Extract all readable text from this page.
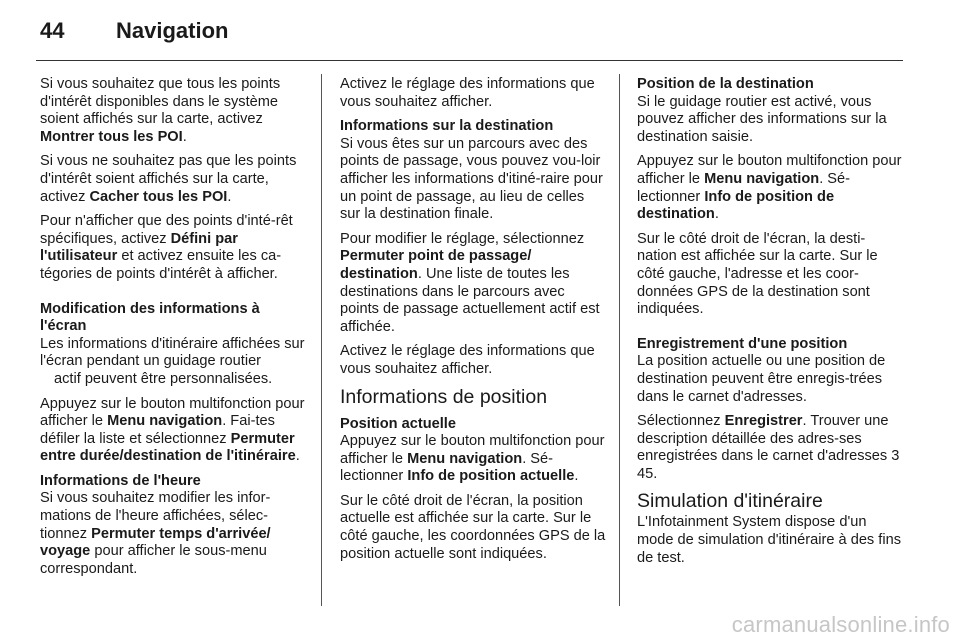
44 Navigation

Si vous souhaitez que tous les points d'intérêt disponibles dans le système soient affichés sur la carte, activez Montrer tous les POI.

Si vous ne souhaitez pas que les points d'intérêt soient affichés sur la carte, activez Cacher tous les POI.

Pour n'afficher que des points d'inté-rêt spécifiques, activez Défini par l'utilisateur et activez ensuite les ca-tégories de points d'intérêt à afficher.

Modification des informations à l'écran

Les informations d'itinéraire affichées sur l'écran pendant un guidage routier
actif peuvent être personnalisées.

Appuyez sur le bouton multifonction pour afficher le Menu navigation. Fai-tes défiler la liste et sélectionnez Permuter entre durée/destination de l'itinéraire.

Informations de l'heure

Si vous souhaitez modifier les infor-mations de l'heure affichées, sélec-tionnez Permuter temps d'arrivée/ voyage pour afficher le sous-menu correspondant.

Activez le réglage des informations que vous souhaitez afficher.

Informations sur la destination

Si vous êtes sur un parcours avec des points de passage, vous pouvez vou-loir afficher les informations d'itiné-raire pour un point de passage, au lieu de celles sur la destination finale.

Pour modifier le réglage, sélectionnez Permuter point de passage/ destination. Une liste de toutes les destinations dans le parcours avec points de passage actuellement actif est affichée.

Activez le réglage des informations que vous souhaitez afficher.

Informations de position

Position actuelle

Appuyez sur le bouton multifonction pour afficher le Menu navigation. Sé-lectionner Info de position actuelle.

Sur le côté droit de l'écran, la position actuelle est affichée sur la carte. Sur le côté gauche, les coordonnées GPS de la position actuelle sont indiquées.

Position de la destination

Si le guidage routier est activé, vous pouvez afficher des informations sur la destination saisie.

Appuyez sur le bouton multifonction pour afficher le Menu navigation. Sé-lectionner Info de position de destination.

Sur le côté droit de l'écran, la desti-nation est affichée sur la carte. Sur le côté gauche, l'adresse et les coor-données GPS de la destination sont indiquées.

Enregistrement d'une position

La position actuelle ou une position de destination peuvent être enregis-trées dans le carnet d'adresses.

Sélectionnez Enregistrer. Trouver une description détaillée des adres-ses enregistrées dans le carnet d'adresses 3 45.

Simulation d'itinéraire

L'Infotainment System dispose d'un mode de simulation d'itinéraire à des fins de test.

carmanualsonline.info
